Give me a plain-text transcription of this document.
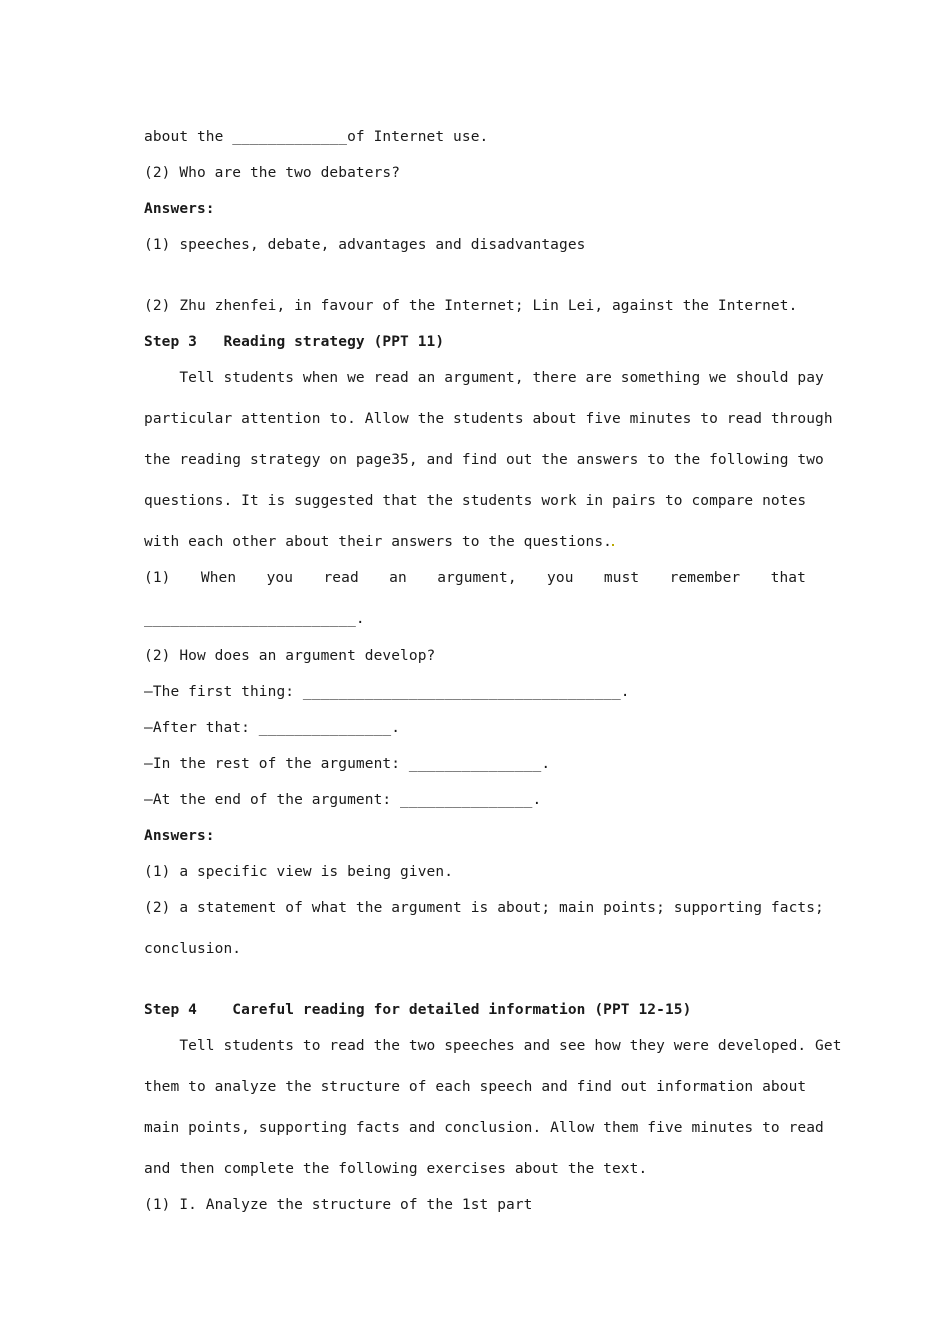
about the _____________of Internet use.
(2) Who are the two debaters?
Answers:
(1) speeches, debate, advantages and disadvantages
(2) Zhu zhenfei, in favour of the Internet; Lin Lei, against the Internet.
Step 3   Reading strategy (PPT 11)
Tell students when we read an argument, there are something we should pay
particular attention to. Allow the students about five minutes to read through
the reading strategy on page35, and find out the answers to the following two
questions. It is suggested that the students work in pairs to compare notes
with each other about their answers to the questions.
(1) When you read an argument, you must remember that
________________________.
(2) How does an argument develop?
—The first thing: ____________________________________.
—After that: _______________.
—In the rest of the argument: _______________.
—At the end of the argument: _______________.
Answers:
(1) a specific view is being given.
(2) a statement of what the argument is about; main points; supporting facts;
conclusion.
Step 4    Careful reading for detailed information (PPT 12-15)
Tell students to read the two speeches and see how they were developed. Get
them to analyze the structure of each speech and find out information about
main points, supporting facts and conclusion. Allow them five minutes to read
and then complete the following exercises about the text.
(1) I. Analyze the structure of the 1st part
